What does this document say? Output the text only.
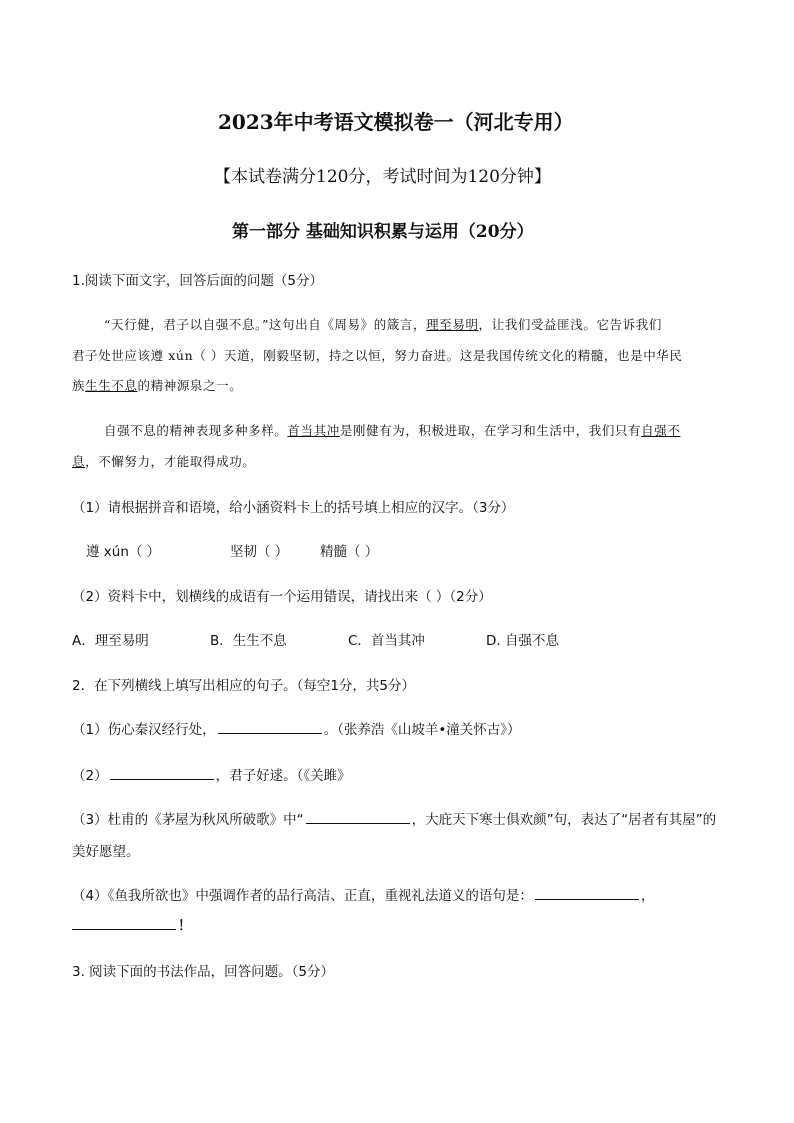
2023年中考语文模拟卷一（河北专用）
【本试卷满分120分，考试时间为120分钟】
第一部分 基础知识积累与运用（20分）
1.阅读下面文字，回答后面的问题（5分）
“天行健，君子以自强不息。”这句出自《周易》的箴言，理至易明，让我们受益匪浅。它告诉我们
君子处世应该遵 xún（ ）天道，刚毅坚韧，持之以恒，努力奋进。这是我国传统文化的精髓，也是中华民
族生生不息的精神源泉之一。
自强不息的精神表现多种多样。首当其冲是刚健有为，积极进取，在学习和生活中，我们只有自强不
息，不懈努力，才能取得成功。
（1）请根据拼音和语境，给小涵资料卡上的括号填上相应的汉字。（3分）
遵 xún（ ）	坚韧（ ） 精髓（ ）
（2）资料卡中，划横线的成语有一个运用错误，请找出来（ ）（2分）
A．理至易明	B．生生不息	C．首当其冲	D. 自强不息
2．在下列横线上填写出相应的句子。（每空1分，共5分）
（1）伤心秦汉经行处，	。（张养浩《山坡羊•潼关怀古》）
（2）	，君子好逑。（《关雎》
（3）杜甫的《茅屋为秋风所破歌》中“	，大庇天下寒士俱欢颜”句，表达了“居者有其屋”的
美好愿望。
（4）《鱼我所欲也》中强调作者的品行高洁、正直，重视礼法道义的语句是：	，
！
3. 阅读下面的书法作品，回答问题。（5分）
